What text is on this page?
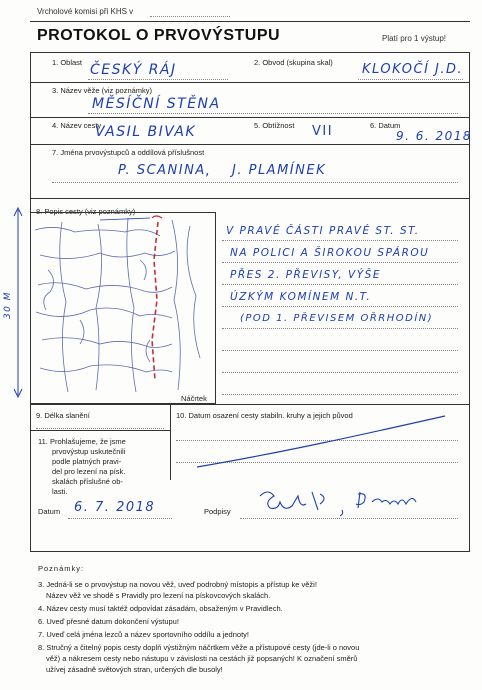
Vrcholové komisi při KHS v
PROTOKOL O PRVOVÝSTUPU	Platí pro 1 výstup!
1. Oblast ČESKÝ RÁJ	2. Obvod (skupina skal) KLOKOČÍ J.D.
3. Název věže (viz poznámky)
MĚSÍČNÍ STĚNA
4. Název cesty
VASIL BIVAK	5. Obtížnost VII	6. Datum
9. 6. 2018
7. Jména prvovýstupců a oddílová příslušnost
P. SCANINA , J. PLAMÍNEK
8. Popis cesty (viz poznámky)
Náčrtek
30 M
V PRAVÉ ČÁSTI PRAVÉ ST. ST.
NA POLICI A ŠIROKOU SPÁROU
PŘES 2. PŘEVISY, VÝŠE
ÚZKÝM KOMÍNEM N.T.
(POD 1. PŘEVISEM OŘRHODÍN)
9. Délka slanění	10. Datum osazení cesty stabiln. kruhy a jejich původ
11. Prohlašujeme, že jsme
prvovýstup uskutečnili
podle platných pravi-
del pro lezení na písk.
skalách příslušné ob-
lasti.
Datum 6. 7. 2018	Podpisy
Poznámky:
3. Jedná-li se o prvovýstup na novou věž, uveď podrobný místopis a přístup ke věži!
Název věž ve shodě s Pravidly pro lezení na pískovcových skalách.
4. Název cesty musí taktéž odpovídat zásadám, obsaženým v Pravidlech.
6. Uveď přesné datum dokončení výstupu!
7. Uveď celá jména lezců a název sportovního oddílu a jednoty!
8. Stručný a čitelný popis cesty doplň výstižným náčrtkem věže a přístupové cesty (jde-li o novou
věž) a nákresem cesty nebo nástupu v závislosti na cestách již popsaných! K označení směrů
užívej zásadně světových stran, určených dle busoly!
